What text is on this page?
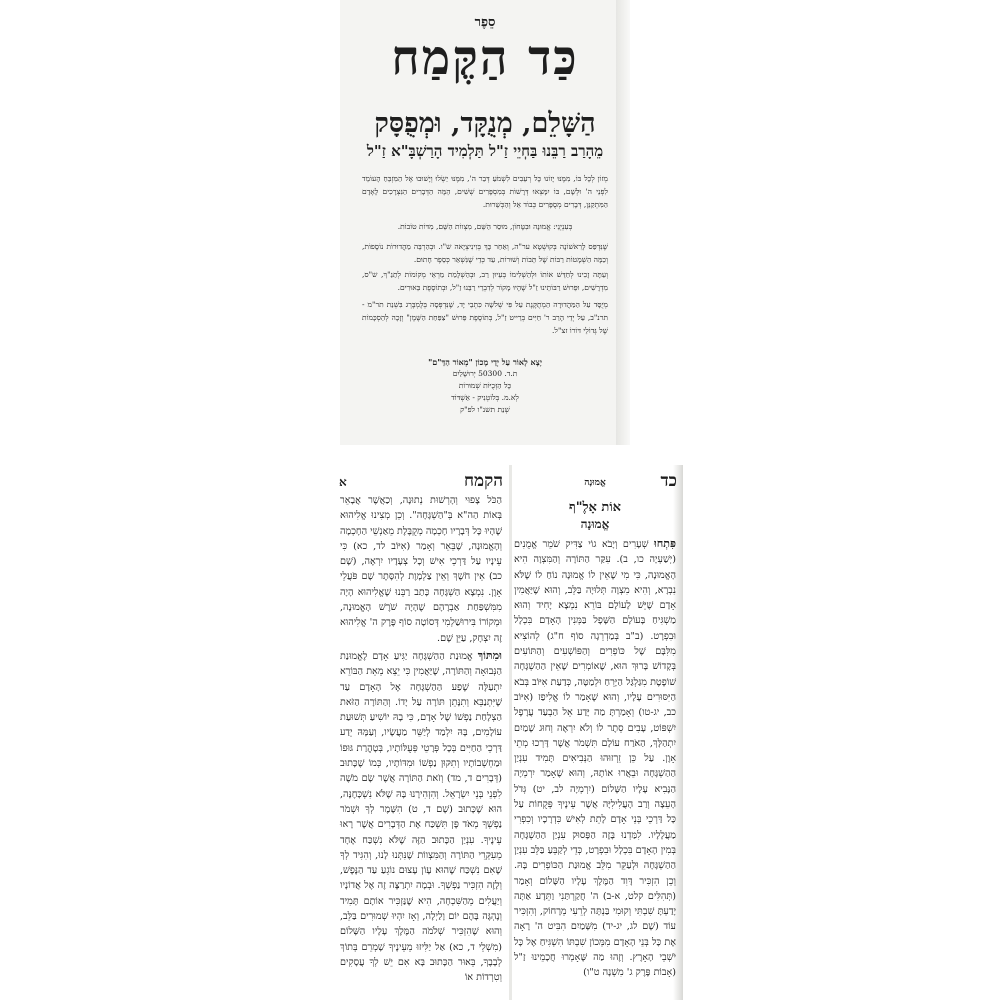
סֵפֶר
כַּד הַקֶּמַח
הַשָּׁלֵם, מְנֻקָּד, וּמְפֻסָּק
מֵהָרַב רַבֵּנוּ בַּחְיֵי זַ"ל תַּלְמִיד הָרַשְׁבָּ"א זַ"ל
מְזוֹן לְכָל בּוֹ, מִמֶּנּוּ יָזוֹנוּ כָּל רְעֵבִים לִשְׁמֹעַ דְּבַר ה', מִמֶּנּוּ יַשְׂלוּ וְיָשׁוּבוּ אֶל הַמִּזְבֵּחַ הָעוֹמֵד לִפְנֵי ה' וּלְשָׁם, בּוֹ יִמָּצְאוּ דְּרָשׁוֹת בְּמִסְפָּרִים שְׁשִׁים, הֵמָּה הַדְּבָרִים הַנִּצְרָכִים לָאָדָם הַמִּתְקַנֵּן, דְּבָרִים מְסֻפָּרִים כְּבוֹד אֵל וְהַכְּשֵׁרוּת.
בְּעִנְיְנֵי: אֱמוּנָה וּבִטָּחוֹן, מוּסַר הַשֵּׁם, מִצְווֹת הַשֵּׁם, מִדּוֹת טוֹבוֹת.
שֶׁנִּדְפַּס לָרִאשׁוֹנָה בְּקוּשְׁטָא ער"ה, וְאַחַר כָּךְ בְּוִינִיצְיָאה ש"ו. וּבְהַרְבֵּה מַהֲדוּרוֹת נוֹסָפוֹת, וְכַמָּה הַשְׁמָטוֹת רַבּוֹת שֶׁל תֵּבוֹת וְשׁוּרוֹת, עַד כְּדֵי שֶׁנִּשְׁאַר כְּסֵפֶר חָתוּם.
וְעַתָּה זָכִינוּ לְחַדֵּשׁ אוֹתוֹ וּלְהַשְׁלִימוֹ בְּעֵיוּן רַב, וּבְהַשְׁלָמַת מַרְאֵי מְקוֹמוֹת לְתַנַ"ךְ, ש"ס, מִדְרָשִׁים, וּפֵרוּשׁ רַבּוֹתֵינוּ זַ"ל שֶׁהָיוּ מָקוֹר לְדִבְרֵי רַבֵּנוּ זַ"ל, וּבְתוֹסֶפֶת בֵּאוּרִים.
מְיֻסָּד עַל הַמַּהֲדוּרָה הַמְתֻקֶּנֶת עַל פִּי שְׁלֹשָׁה כִּתְבֵי יָד, שֶׁנִּדְפְּסָה בְּלֶמְבֶּרְג בִּשְׁנַת תר"מ - תרנ"ב, עַל יְדֵי הָרַב ר' חַיִּים בְּרֵייט זַ"ל, בְּתוֹסֶפֶת פֵּרוּשׁ "צַפַּחַת הַשֶּׁמֶן" וְזָכָה לְהַסְכָּמוֹת שֶׁל גְּדוֹלֵי דּוֹרוֹ זצ"ל.
יָצָא לָאוֹר עַל יְדֵי מָכוֹן "מְאוֹר הַדֵּ"ם"
ת.ד. 50300 יְרוּשָׁלַיִם
כָּל הַזְּכֻיּוֹת שְׁמוּרוֹת
לְא.מ. בְּלוֹטְנִיק - אַשְׁדּוֹד
שְׁנַת תשנ"ו לפ"ק
כד
אֱמוּנָה
אוֹת אָלֶ"ף
אֱמוּנָה

פִּתְחוּ שְׁעָרִים וְיָבֹא גוֹי צַדִּיק שֹׁמֵר אֱמֻנִים (יְשַׁעְיָה כו, ב). עִקַּר הַתּוֹרָה וְהַמִּצְוָה הִיא הָאֱמוּנָה, כִּי מִי שֶׁאֵין לוֹ אֱמוּנָה נוֹחַ לוֹ שֶׁלֹּא נִבְרָא, וְהִיא מִצְוָה תְּלוּיָה בַּלֵּב, וְהוּא שֶׁיַּאֲמִין אָדָם שֶׁיֵּשׁ לָעוֹלָם בּוֹרֵא נִמְצָא יָחִיד וְהוּא מַשְׁגִּיחַ בָּעוֹלָם הַשָּׁפָל בַּמְּנִין הָאָדָם בִּכְלָל וּבִפְרָט. (ב"ב בְּמַדְרֵגָה סוֹף ח"ג) לְהוֹצִיא מִלִּבָּם שֶׁל כּוֹפְרִים וְהַפּוֹשְׁעִים וְהַתּוֹעִים בְּקָדוֹשׁ בָּרוּךְ הוּא, שֶׁאוֹמְרִים שֶׁאֵין הַהַשְׁגָּחָה שׁוֹפֶטֶת מִגַּלְגַּל הַיָּרֵחַ וּלְמַטָּה, כְּדַעַת אִיּוֹב בְּבֹא הַיִּסּוּרִים עָלָיו, וְהוּא שֶׁאָמַר לוֹ אֱלִיפַז (אִיּוֹב כב, יג-טו) וְאָמַרְתָּ מַה יָּדַע אֵל הַבְעַד עֲרָפֶל יִשְׁפּוֹט, עָבִים סֵתֶר לוֹ וְלֹא יִרְאֶה וְחוּג שָׁמַיִם יִתְהַלָּךְ, הַאֹרַח עוֹלָם תִּשְׁמֹר אֲשֶׁר דָּרְכוּ מְתֵי אָוֶן. עַל כֵּן זֵרְזוּהוּ הַנְּבִיאִים תָּמִיד עִנְיַן הַהַשְׁגָּחָה וּבֵאֲרוּ אוֹתָהּ, וְהוּא שֶׁאָמַר יִרְמְיָה הַנָּבִיא עָלָיו הַשָּׁלוֹם (יִרְמְיָה לב, יט) גְּדֹל הָעֵצָה וְרַב הָעֲלִילִיָּה אֲשֶׁר עֵינֶיךָ פְּקֻחוֹת עַל כָּל דַּרְכֵי בְּנֵי אָדָם לָתֵת לְאִישׁ כִּדְרָכָיו וְכִפְרִי מַעֲלָלָיו. לִמַּדְנוּ בָּזֶה הַפָּסוּק עִנְיַן הַהַשְׁגָּחָה בְּמִין הָאָדָם בִּכְלָל וּבִפְרָט, כְּדֵי לְקַבֵּעַ בַּלֵּב עִנְיַן הַהַשְׁגָּחָה וּלְעַקֵּר מִלֵּב אֱמוּנַת הַכּוֹפְרִים בָּהּ. וְכֵן הִזְכִּיר דָּוִד הַמֶּלֶךְ עָלָיו הַשָּׁלוֹם וְאָמַר (תְּהִלִּים קלט, א-ב) ה' חֲקַרְתַּנִי וַתֵּדָע אַתָּה יָדַעְתָּ שִׁבְתִּי וְקוּמִי בַּנְתָּה לְרֵעִי מֵרָחוֹק, וְהִזְכִּיר עוֹד (שָׁם לג, יג-יד) מִשָּׁמַיִם הִבִּיט ה' רָאָה אֶת כָּל בְּנֵי הָאָדָם מִמְּכוֹן שִׁבְתּוֹ הִשְׁגִּיחַ אֶל כָּל יֹשְׁבֵי הָאָרֶץ. וְזֶהוּ מַה שֶּׁאָמְרוּ חֲכָמֵינוּ זַ"ל (אָבוֹת פֶּרֶק ג' מִשְׁנָה ט"ו)

הקמח
א

הַכֹּל צָפוּי וְהָרְשׁוּת נְתוּנָה, וְכַאֲשֶׁר אֲבָאֵר בְּאוֹת הַה"א בְּ"הַשְׁגָּחָה". וְכֵן מְצִינוּ אֱלִיהוּא שֶׁהָיוּ כָּל דְּבָרָיו חָכְמָה מְקֻבֶּלֶת מֵאַנְשֵׁי הַחָכְמָה וְהָאֱמוּנָה, שֶׁבֵּאֵר וְאָמַר (אִיּוֹב לד, כא) כִּי עֵינָיו עַל דַּרְכֵי אִישׁ וְכָל צְעָדָיו יִרְאֶה, (שָׁם כב) אֵין חֹשֶׁךְ וְאֵין צַלְמָוֶת לְהִסָּתֶר שָׁם פֹּעֲלֵי אָוֶן. נִמְצָא הַשְׁגָּחָה כָּתַב רַבֵּנוּ שֶׁאֱלִיהוּא הָיָה מִמִּשְׁפַּחַת אַבְרָהָם שֶׁהָיָה שֹׁרֶשׁ הָאֱמוּנָה, וּמְקוֹרוֹ בִּירוּשַׁלְמִי דְּסוֹטָה סוֹף פֶּרֶק ה' אֱלִיהוּא זֶה יִצְחָק, עַיֵּן שָׁם.

וּמִתּוֹךְ אֱמוּנַת הַהַשְׁגָּחָה יַגִּיעַ אָדָם לֶאֱמוּנַת הַנְּבוּאָה וְהַתּוֹרָה, שֶׁיַּאֲמִין כִּי יֵצֵא מֵאֵת הַבּוֹרֵא יִתְעַלֶּה שֶׁפַע הַהַשְׁגָּחָה אֶל הָאָדָם עַד שֶׁיִּתְנַבֵּא וְתִנָּתֵן תּוֹרָה עַל יָדוֹ. וְהַתּוֹרָה הַזֹּאת הַצְלָחַת נַפְשׁוֹ שֶׁל אָדָם, כִּי בָהּ יוֹשִׁיעַ תְּשׁוּעַת עוֹלָמִים, בָּהּ יִלְמַד לְיַשֵּׁר מַעֲשָׂיו, וְעַמָּהּ יֵדַע דַּרְכֵי הַחַיִּים בְּכָל פְּרָטֵי פְּעֻלּוֹתָיו, בְּטָהֳרַת גּוּפוֹ וּמַחְשְׁבוֹתָיו וְתִקּוּן נַפְשׁוֹ וּמִדּוֹתָיו, כְּמוֹ שֶׁכָּתוּב (דְּבָרִים ד, מד) וְזֹאת הַתּוֹרָה אֲשֶׁר שָׂם מֹשֶׁה לִפְנֵי בְּנֵי יִשְׂרָאֵל. וְהִזְהִירָנוּ בָּהּ שֶׁלֹּא נִשְׁכָּחֶנָּה, הוּא שֶׁכָּתוּב (שָׁם ד, ט) הִשָּׁמֶר לְךָ וּשְׁמֹר נַפְשְׁךָ מְאֹד פֶּן תִּשְׁכַּח אֶת הַדְּבָרִים אֲשֶׁר רָאוּ עֵינֶיךָ. עִנְיַן הַכָּתוּב הַזֶּה שֶׁלֹּא נִשְׁכַּח אֶחָד מֵעִקְּרֵי הַתּוֹרָה וְהַמִּצְווֹת שֶׁנִּתְּנוּ לָנוּ, וְהִגִּיד לְךָ שֶׁאִם נִשְׁכַּח שֶׁהוּא עָוֹן עָצוּם נוֹגֵעַ עַד הַנֶּפֶשׁ, וְלָזֶה הִזְכִּיר נַפְשְׁךָ. וּבְמָה יִתְרַצֶּה זֶה אֶל אֲדוֹנָיו וְיַעֲלִים מֵהַשִּׁכְחָה, הִיא שֶׁנַּזְכִּיר אוֹתָם תָּמִיד וְנֶהְגֶּה בָּהֶם יוֹם וָלַיְלָה, וְאָז יִהְיוּ שְׁמוּרִים בַּלֵּב, וְהוּא שֶׁהִזְכִּיר שְׁלֹמֹה הַמֶּלֶךְ עָלָיו הַשָּׁלוֹם (מִשְׁלֵי ד, כא) אַל יַלִּיזוּ מֵעֵינֶיךָ שָׁמְרֵם בְּתוֹךְ לְבָבֶךָ, בֵּאוּר הַכָּתוּב בָּא אִם יֵשׁ לְךָ עֲסָקִים וְטִרְדוֹת אוֹ
